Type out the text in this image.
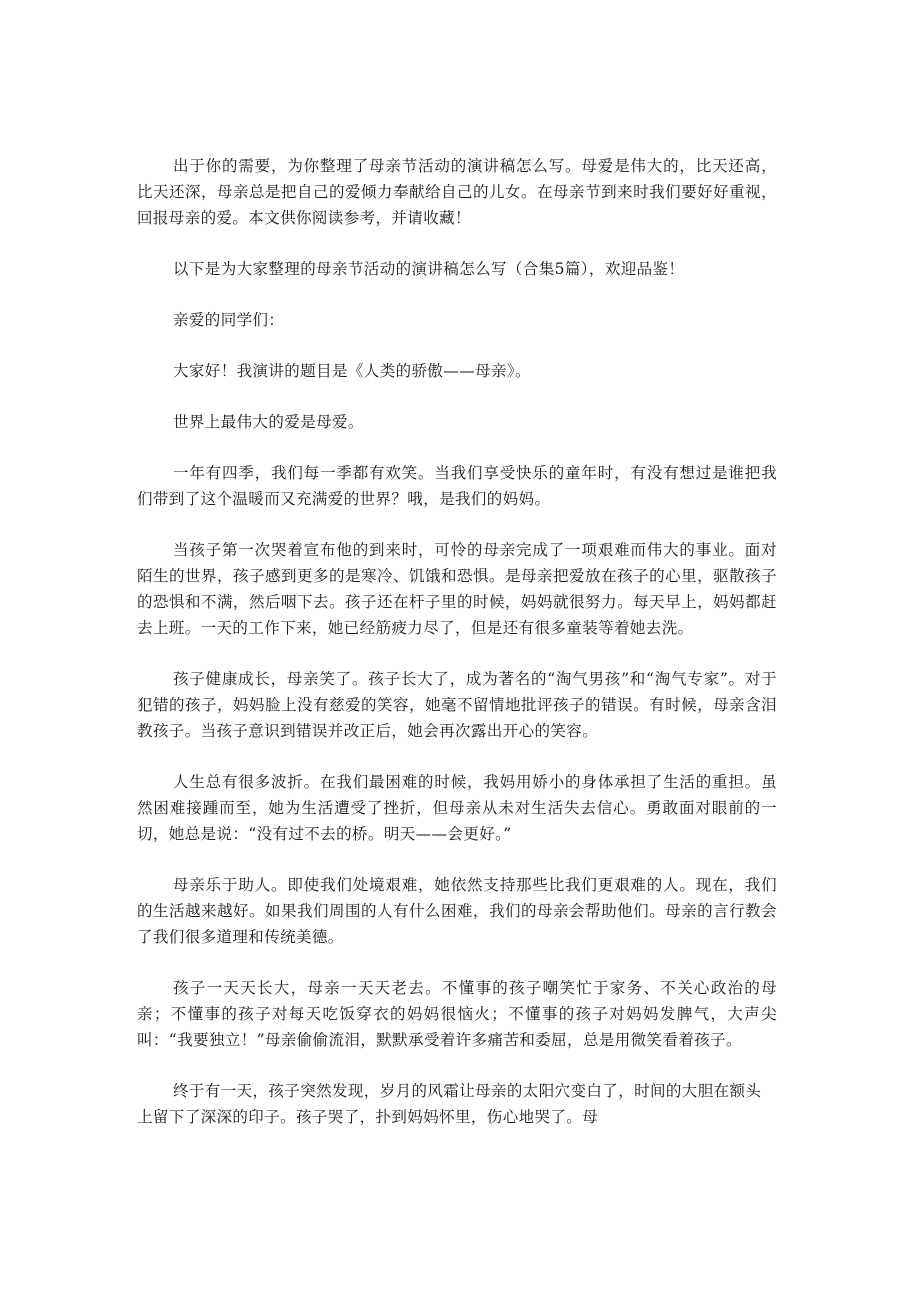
出于你的需要，为你整理了母亲节活动的演讲稿怎么写。母爱是伟大的，比天还高，比天还深，母亲总是把自己的爱倾力奉献给自己的儿女。在母亲节到来时我们要好好重视，回报母亲的爱。本文供你阅读参考，并请收藏！

以下是为大家整理的母亲节活动的演讲稿怎么写（合集5篇），欢迎品鉴！

亲爱的同学们：

大家好！我演讲的题目是《人类的骄傲——母亲》。

世界上最伟大的爱是母爱。

一年有四季，我们每一季都有欢笑。当我们享受快乐的童年时，有没有想过是谁把我们带到了这个温暖而又充满爱的世界？哦，是我们的妈妈。

当孩子第一次哭着宣布他的到来时，可怜的母亲完成了一项艰难而伟大的事业。面对陌生的世界，孩子感到更多的是寒冷、饥饿和恐惧。是母亲把爱放在孩子的心里，驱散孩子的恐惧和不满，然后咽下去。孩子还在杆子里的时候，妈妈就很努力。每天早上，妈妈都赶去上班。一天的工作下来，她已经筋疲力尽了，但是还有很多童装等着她去洗。

孩子健康成长，母亲笑了。孩子长大了，成为著名的“淘气男孩”和“淘气专家”。对于犯错的孩子，妈妈脸上没有慈爱的笑容，她毫不留情地批评孩子的错误。有时候，母亲含泪教孩子。当孩子意识到错误并改正后，她会再次露出开心的笑容。

人生总有很多波折。在我们最困难的时候，我妈用娇小的身体承担了生活的重担。虽然困难接踵而至，她为生活遭受了挫折，但母亲从未对生活失去信心。勇敢面对眼前的一切，她总是说：“没有过不去的桥。明天——会更好。”

母亲乐于助人。即使我们处境艰难，她依然支持那些比我们更艰难的人。现在，我们的生活越来越好。如果我们周围的人有什么困难，我们的母亲会帮助他们。母亲的言行教会了我们很多道理和传统美德。

孩子一天天长大，母亲一天天老去。不懂事的孩子嘲笑忙于家务、不关心政治的母亲；不懂事的孩子对每天吃饭穿衣的妈妈很恼火；不懂事的孩子对妈妈发脾气，大声尖叫：“我要独立！”母亲偷偷流泪，默默承受着许多痛苦和委屈，总是用微笑看着孩子。

终于有一天，孩子突然发现，岁月的风霜让母亲的太阳穴变白了，时间的大胆在额头上留下了深深的印子。孩子哭了，扑到妈妈怀里，伤心地哭了。母
